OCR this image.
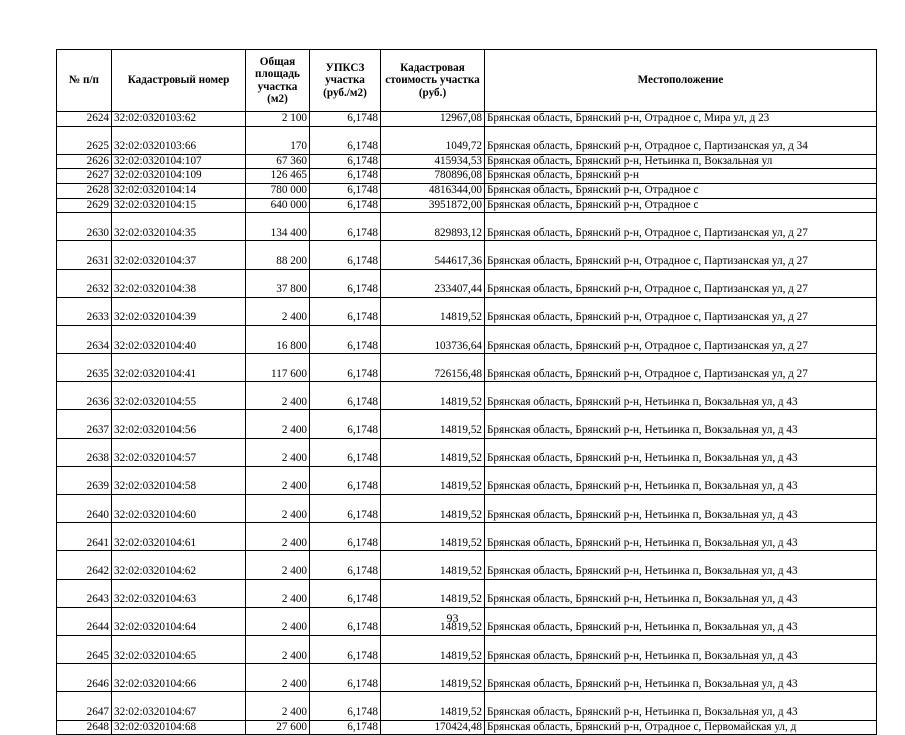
№ п/п	Кадастровый номер	Общая площадь участка (м2)	УПКСЗ участка (руб./м2)	Кадастровая стоимость участка (руб.)	Местоположение
2624	32:02:0320103:62	2 100	6,1748	12967,08	Брянская область, Брянский р-н, Отрадное с, Мира ул, д 23
2625	32:02:0320103:66	170	6,1748	1049,72	Брянская область, Брянский р-н, Отрадное с, Партизанская ул, д 34
2626	32:02:0320104:107	67 360	6,1748	415934,53	Брянская область, Брянский р-н, Нетьинка п, Вокзальная ул
2627	32:02:0320104:109	126 465	6,1748	780896,08	Брянская область, Брянский р-н
2628	32:02:0320104:14	780 000	6,1748	4816344,00	Брянская область, Брянский р-н, Отрадное с
2629	32:02:0320104:15	640 000	6,1748	3951872,00	Брянская область, Брянский р-н, Отрадное с
2630	32:02:0320104:35	134 400	6,1748	829893,12	Брянская область, Брянский р-н, Отрадное с, Партизанская ул, д 27
2631	32:02:0320104:37	88 200	6,1748	544617,36	Брянская область, Брянский р-н, Отрадное с, Партизанская ул, д 27
2632	32:02:0320104:38	37 800	6,1748	233407,44	Брянская область, Брянский р-н, Отрадное с, Партизанская ул, д 27
2633	32:02:0320104:39	2 400	6,1748	14819,52	Брянская область, Брянский р-н, Отрадное с, Партизанская ул, д 27
2634	32:02:0320104:40	16 800	6,1748	103736,64	Брянская область, Брянский р-н, Отрадное с, Партизанская ул, д 27
2635	32:02:0320104:41	117 600	6,1748	726156,48	Брянская область, Брянский р-н, Отрадное с, Партизанская ул, д 27
2636	32:02:0320104:55	2 400	6,1748	14819,52	Брянская область, Брянский р-н, Нетьинка п, Вокзальная ул, д 43
2637	32:02:0320104:56	2 400	6,1748	14819,52	Брянская область, Брянский р-н, Нетьинка п, Вокзальная ул, д 43
2638	32:02:0320104:57	2 400	6,1748	14819,52	Брянская область, Брянский р-н, Нетьинка п, Вокзальная ул, д 43
2639	32:02:0320104:58	2 400	6,1748	14819,52	Брянская область, Брянский р-н, Нетьинка п, Вокзальная ул, д 43
2640	32:02:0320104:60	2 400	6,1748	14819,52	Брянская область, Брянский р-н, Нетьинка п, Вокзальная ул, д 43
2641	32:02:0320104:61	2 400	6,1748	14819,52	Брянская область, Брянский р-н, Нетьинка п, Вокзальная ул, д 43
2642	32:02:0320104:62	2 400	6,1748	14819,52	Брянская область, Брянский р-н, Нетьинка п, Вокзальная ул, д 43
2643	32:02:0320104:63	2 400	6,1748	14819,52	Брянская область, Брянский р-н, Нетьинка п, Вокзальная ул, д 43
2644	32:02:0320104:64	2 400	6,1748	14819,52	Брянская область, Брянский р-н, Нетьинка п, Вокзальная ул, д 43
2645	32:02:0320104:65	2 400	6,1748	14819,52	Брянская область, Брянский р-н, Нетьинка п, Вокзальная ул, д 43
2646	32:02:0320104:66	2 400	6,1748	14819,52	Брянская область, Брянский р-н, Нетьинка п, Вокзальная ул, д 43
2647	32:02:0320104:67	2 400	6,1748	14819,52	Брянская область, Брянский р-н, Нетьинка п, Вокзальная ул, д 43
2648	32:02:0320104:68	27 600	6,1748	170424,48	Брянская область, Брянский р-н, Отрадное с, Первомайская ул, д
93
